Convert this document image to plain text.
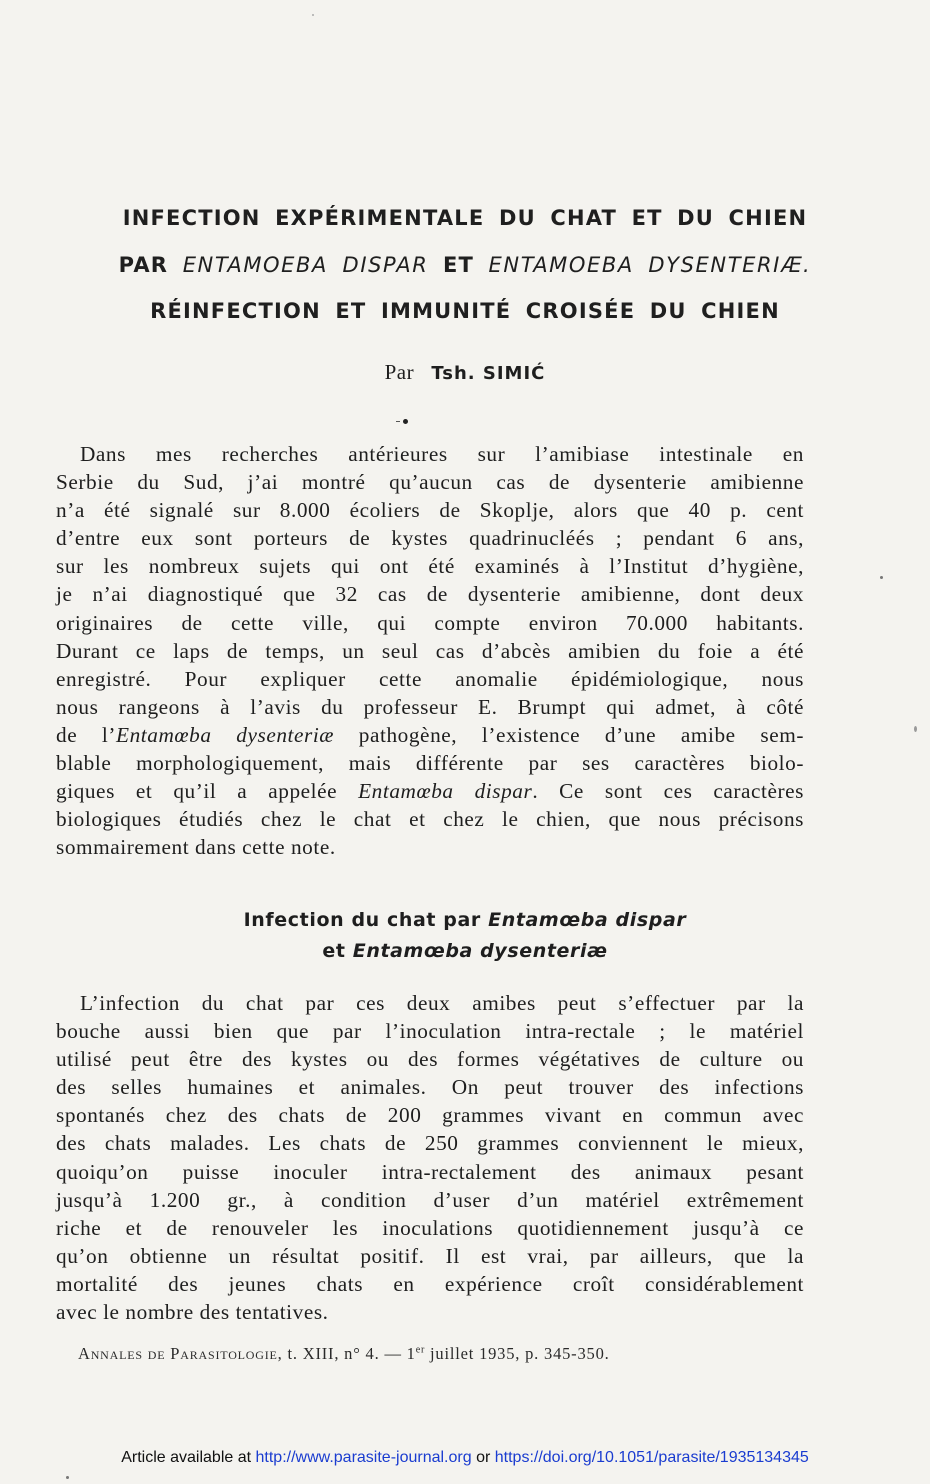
INFECTION EXPÉRIMENTALE DU CHAT ET DU CHIEN
PAR ENTAMOEBA DISPAR ET ENTAMOEBA DYSENTERIÆ.
RÉINFECTION ET IMMUNITÉ CROISÉE DU CHIEN
Par Tsh. SIMIĆ
Dans mes recherches antérieures sur l’amibiase intestinale en
Serbie du Sud, j’ai montré qu’aucun cas de dysenterie amibienne
n’a été signalé sur 8.000 écoliers de Skoplje, alors que 40 p. cent
d’entre eux sont porteurs de kystes quadrinucléés ; pendant 6 ans,
sur les nombreux sujets qui ont été examinés à l’Institut d’hygiène,
je n’ai diagnostiqué que 32 cas de dysenterie amibienne, dont deux
originaires de cette ville, qui compte environ 70.000 habitants.
Durant ce laps de temps, un seul cas d’abcès amibien du foie a été
enregistré. Pour expliquer cette anomalie épidémiologique, nous
nous rangeons à l’avis du professeur E. Brumpt qui admet, à côté
de l’Entamœba dysenteriæ pathogène, l’existence d’une amibe sem-
blable morphologiquement, mais différente par ses caractères biolo-
giques et qu’il a appelée Entamœba dispar. Ce sont ces caractères
biologiques étudiés chez le chat et chez le chien, que nous précisons
sommairement dans cette note.
Infection du chat par Entamœba dispar
et Entamœba dysenteriæ
L’infection du chat par ces deux amibes peut s’effectuer par la
bouche aussi bien que par l’inoculation intra-rectale ; le matériel
utilisé peut être des kystes ou des formes végétatives de culture ou
des selles humaines et animales. On peut trouver des infections
spontanés chez des chats de 200 grammes vivant en commun avec
des chats malades. Les chats de 250 grammes conviennent le mieux,
quoiqu’on puisse inoculer intra-rectalement des animaux pesant
jusqu’à 1.200 gr., à condition d’user d’un matériel extrêmement
riche et de renouveler les inoculations quotidiennement jusqu’à ce
qu’on obtienne un résultat positif. Il est vrai, par ailleurs, que la
mortalité des jeunes chats en expérience croît considérablement
avec le nombre des tentatives.
Annales de Parasitologie, t. XIII, n° 4. — 1er juillet 1935, p. 345-350.
Article available at http://www.parasite-journal.org or https://doi.org/10.1051/parasite/1935134345
